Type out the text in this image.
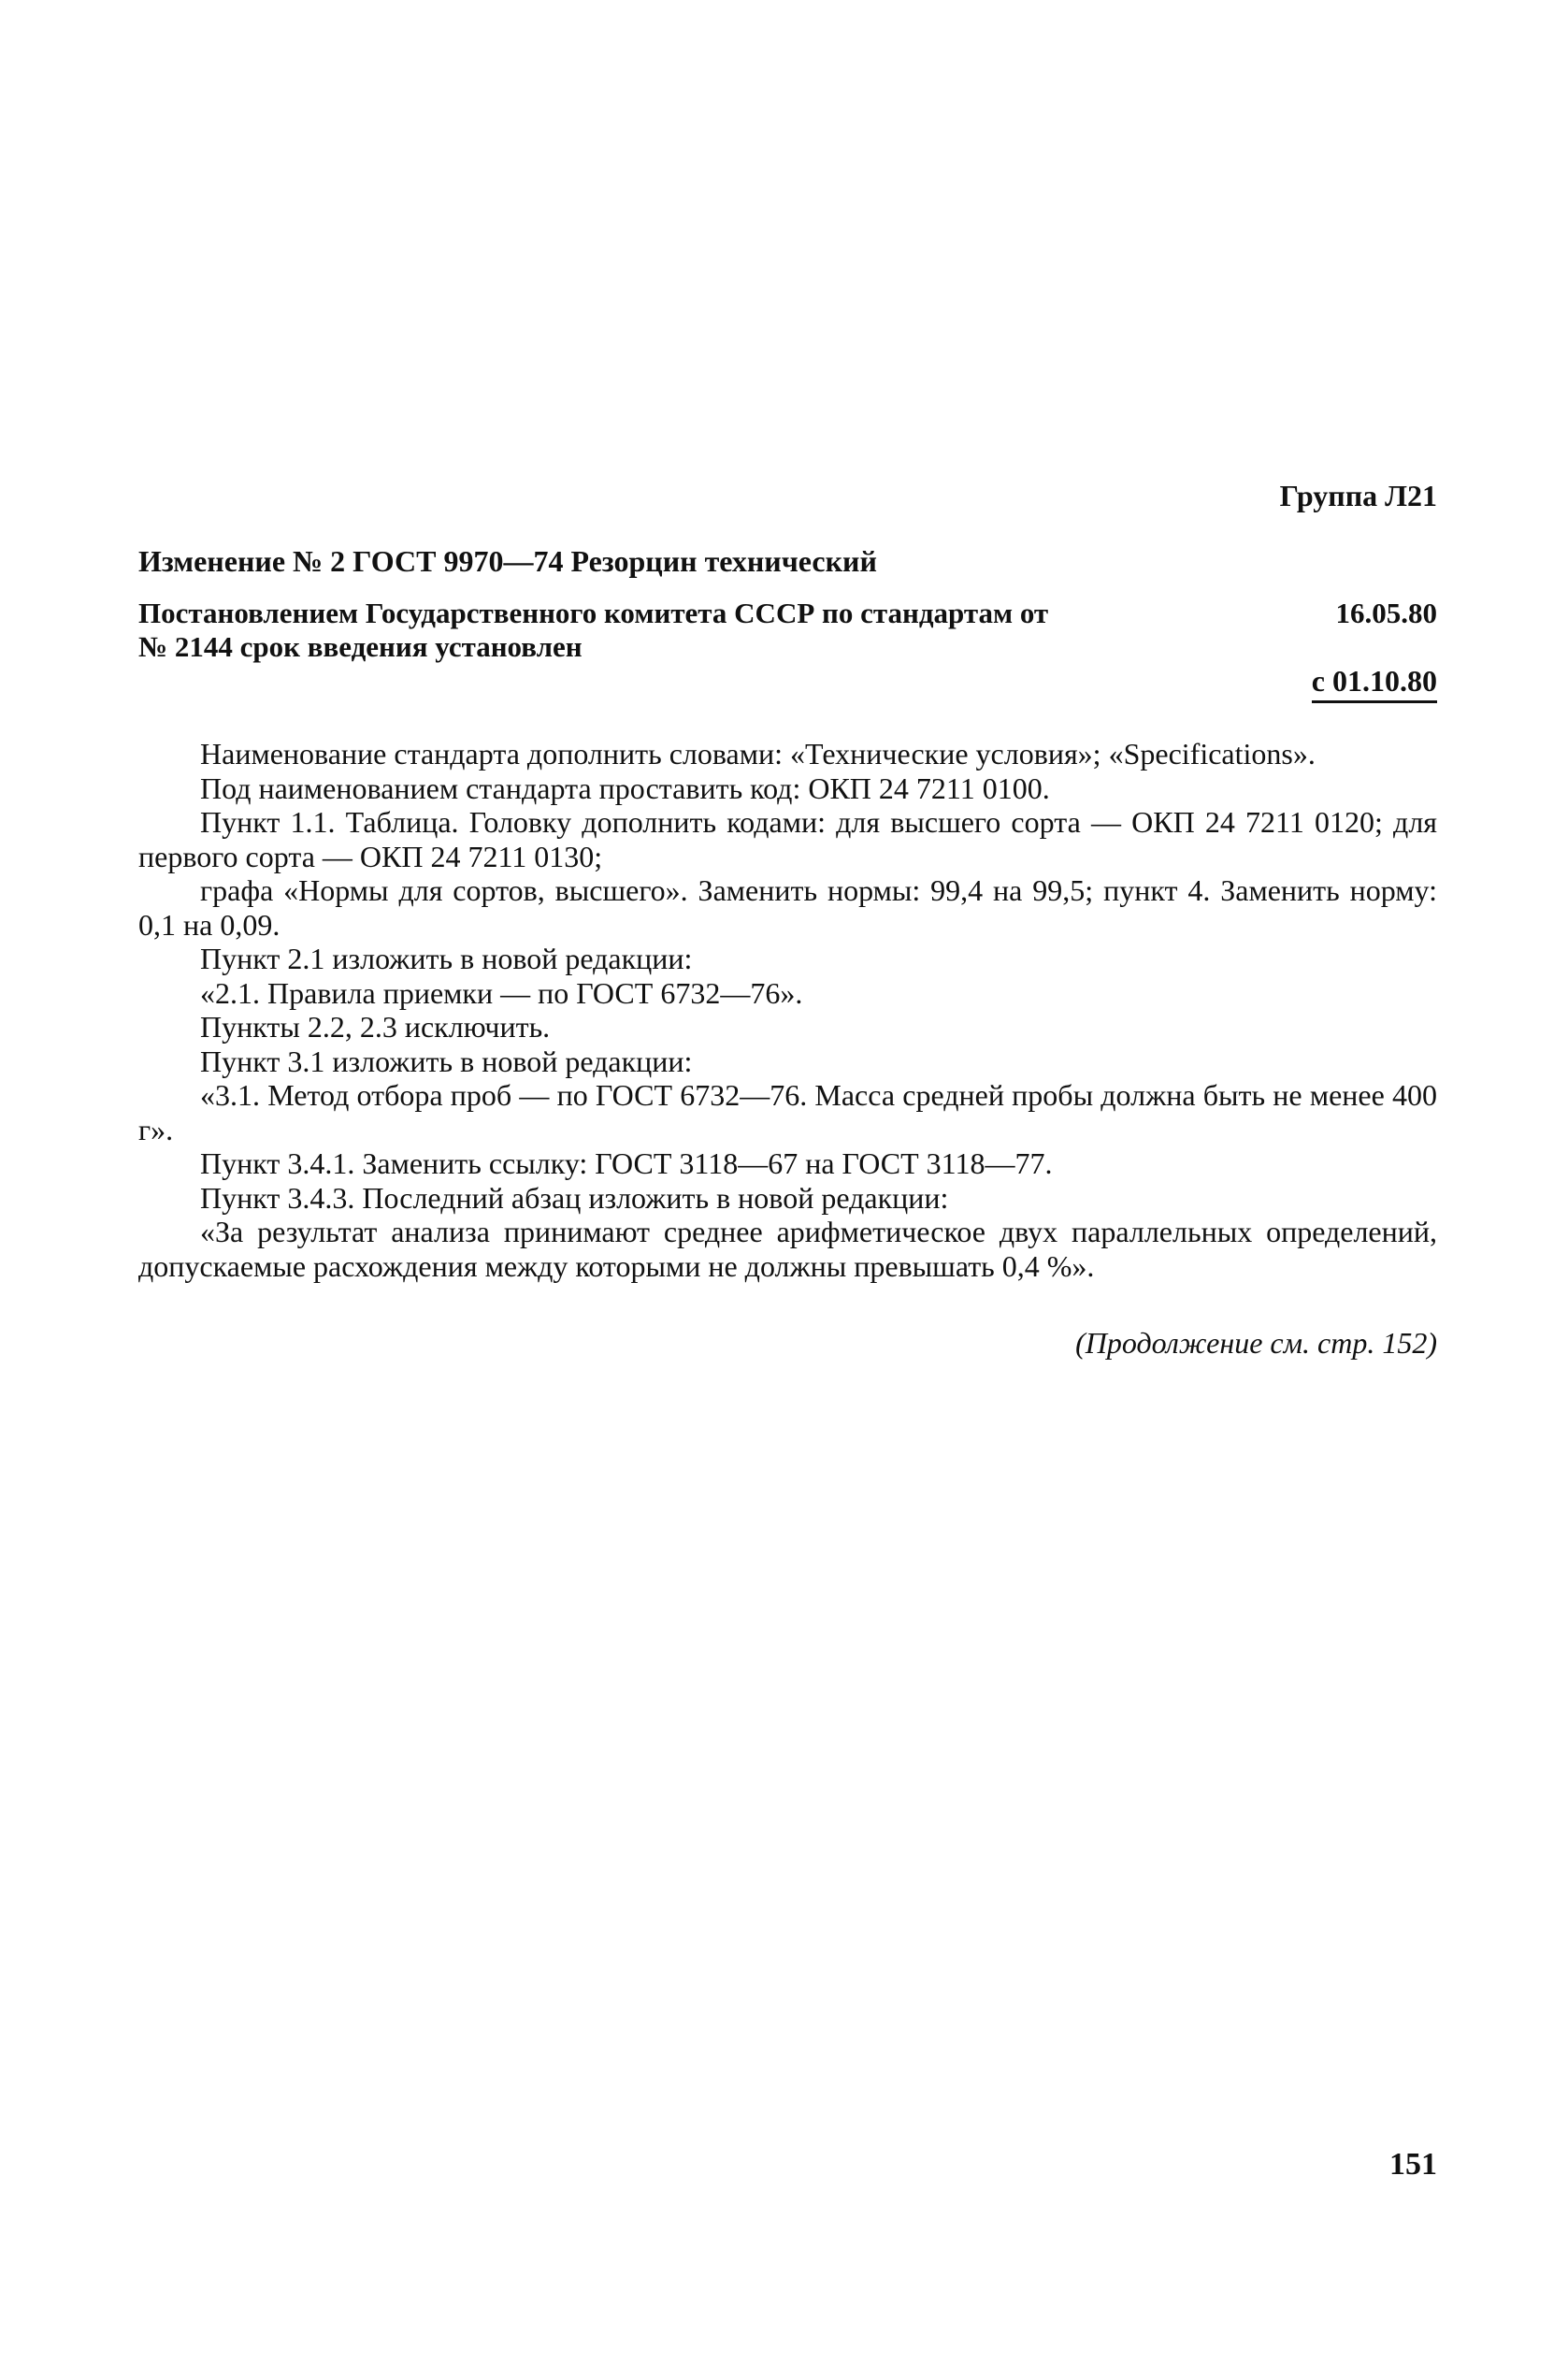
Группа Л21
Изменение № 2 ГОСТ 9970—74 Резорцин технический
Постановлением Государственного комитета СССР по стандартам от	16.05.80
№ 2144 срок введения установлен
с 01.10.80

Наименование стандарта дополнить словами: «Технические условия»; «Specifications».

Под наименованием стандарта проставить код: ОКП 24 7211 0100.

Пункт 1.1. Таблица. Головку дополнить кодами: для высшего сорта — ОКП 24 7211 0120; для первого сорта — ОКП 24 7211 0130;

графа «Нормы для сортов, высшего». Заменить нормы: 99,4 на 99,5; пункт 4. Заменить норму: 0,1 на 0,09.

Пункт 2.1 изложить в новой редакции:

«2.1. Правила приемки — по ГОСТ 6732—76».

Пункты 2.2, 2.3 исключить.

Пункт 3.1 изложить в новой редакции:

«3.1. Метод отбора проб — по ГОСТ 6732—76. Масса средней пробы должна быть не менее 400 г».

Пункт 3.4.1. Заменить ссылку: ГОСТ 3118—67 на ГОСТ 3118—77.

Пункт 3.4.3. Последний абзац изложить в новой редакции:

«За результат анализа принимают среднее арифметическое двух параллельных определений, допускаемые расхождения между которыми не должны превышать 0,4 %».

(Продолжение см. стр. 152)
151
